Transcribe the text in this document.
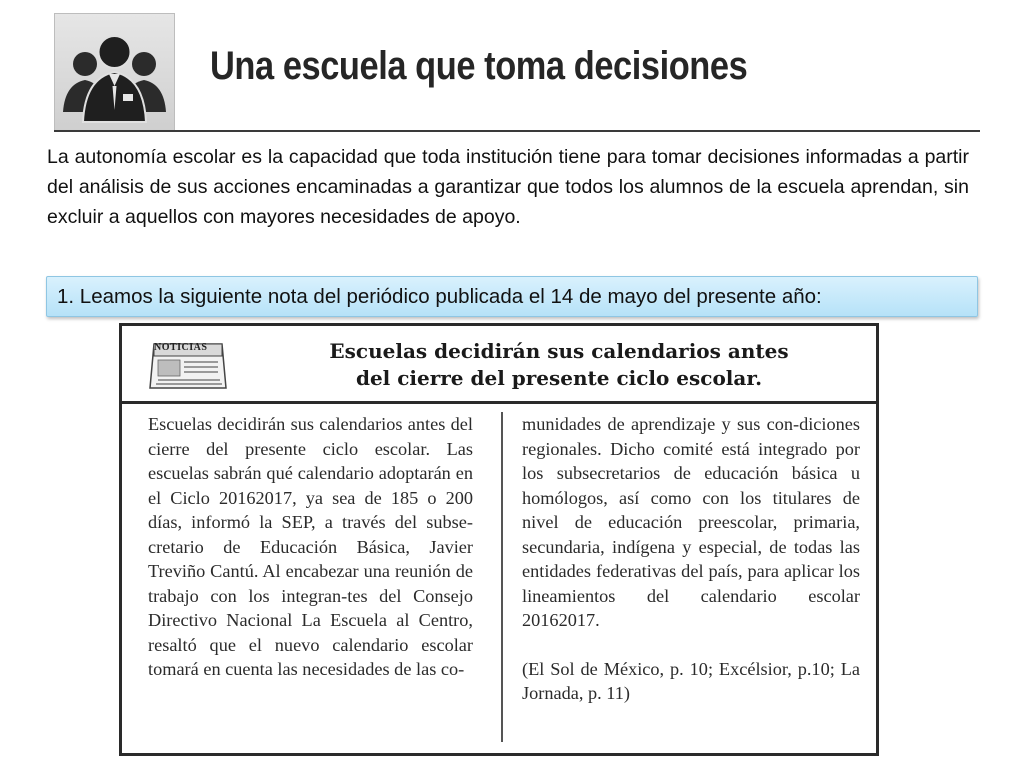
Una escuela que toma decisiones

La autonomía escolar es la capacidad que toda institución tiene para tomar decisiones informadas a partir del análisis de sus acciones encaminadas a garantizar que todos los alumnos de la escuela aprendan, sin excluir a aquellos con mayores necesidades de apoyo.

1. Leamos la siguiente nota del periódico publicada el 14 de mayo del presente año:
NOTICIAS	Escuelas decidirán sus calendarios antes
del cierre del presente ciclo escolar.

Escuelas decidirán sus calendarios antes del cierre del presente ciclo escolar. Las escuelas sabrán qué calendario adoptarán en el Ciclo 20162017, ya sea de 185 o 200 días, informó la SEP, a través del subse-cretario de Educación Básica, Javier Treviño Cantú. Al encabezar una reunión de trabajo con los integran-tes del Consejo Directivo Nacional La Escuela al Centro, resaltó que el nuevo calendario escolar tomará en cuenta las necesidades de las co-

munidades de aprendizaje y sus con-diciones regionales. Dicho comité está integrado por los subsecretarios de educación básica u homólogos, así como con los titulares de nivel de educación preescolar, primaria, secundaria, indígena y especial, de todas las entidades federativas del país, para aplicar los lineamientos del calendario escolar 20162017.

(El Sol de México, p. 10; Excélsior, p.10; La Jornada, p. 11)
